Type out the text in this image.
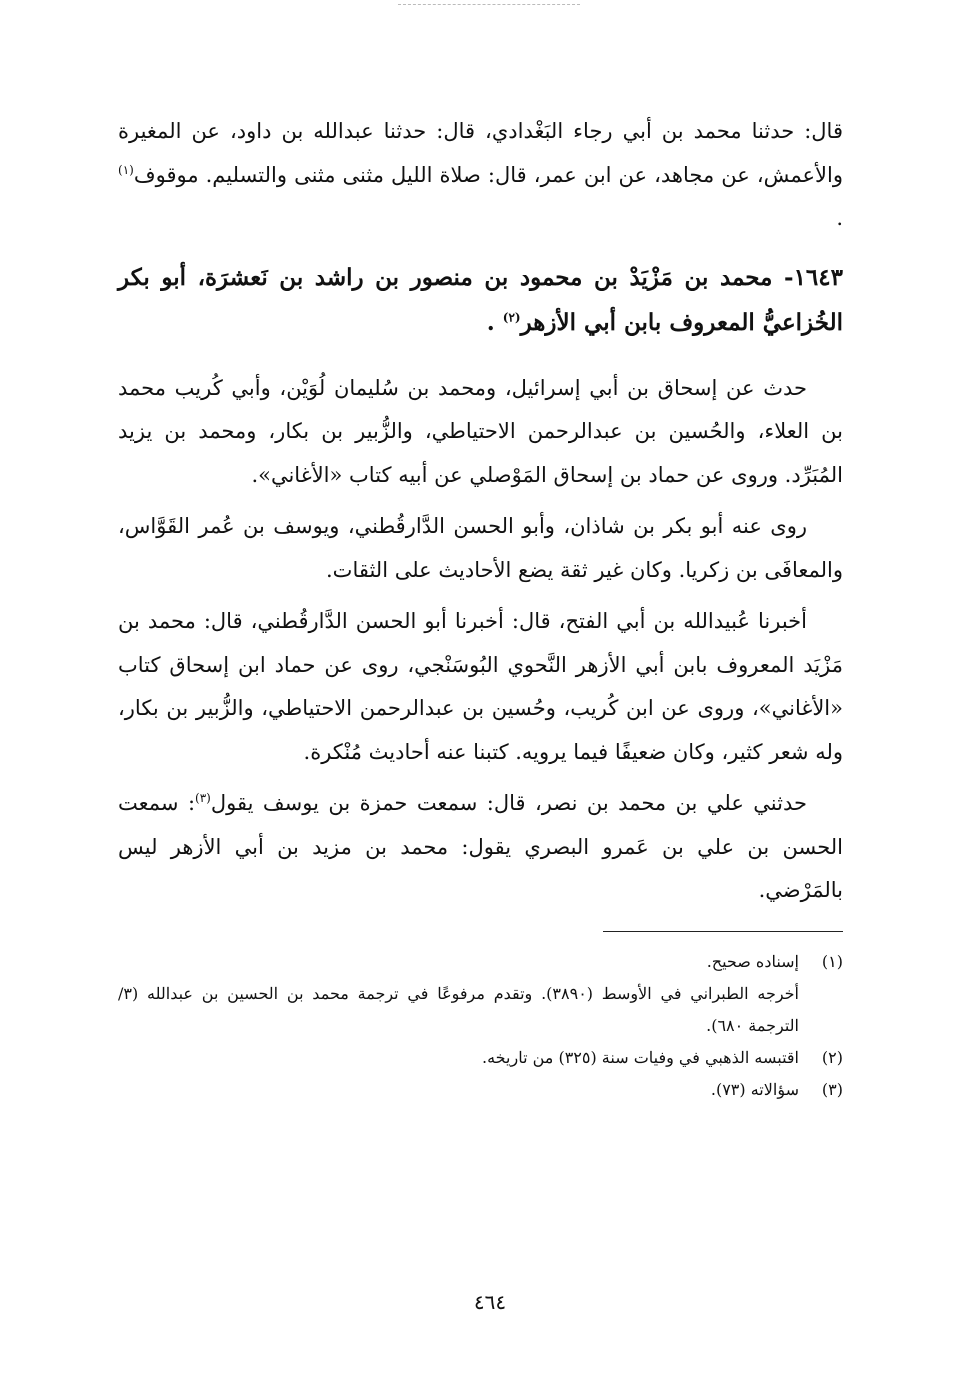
قال: حدثنا محمد بن أبي رجاء البَغْدادي، قال: حدثنا عبدالله بن داود، عن المغيرة والأعمش، عن مجاهد، عن ابن عمر، قال: صلاة الليل مثنى مثنى والتسليم. موقوف$^{(١)}$ .

١٦٤٣- محمد بن مَزْيَدْ بن محمود بن منصور بن راشد بن نَعشرَة، أبو بكر الخُزاعيُّ المعروف بابن أبي الأزهر$^{(٢)}$ .

حدث عن إسحاق بن أبي إسرائيل، ومحمد بن سُليمان لُوَيْن، وأبي كُريب محمد بن العلاء، والحُسين بن عبدالرحمن الاحتياطي، والزُّبير بن بكار، ومحمد بن يزيد المُبَرِّد. وروى عن حماد بن إسحاق المَوْصلي عن أبيه كتاب «الأغاني».

روى عنه أبو بكر بن شاذان، وأبو الحسن الدَّارقُطني، ويوسف بن عُمر القَوَّاس، والمعافَى بن زكريا. وكان غير ثقة يضع الأحاديث على الثقات.

أخبرنا عُبيدالله بن أبي الفتح، قال: أخبرنا أبو الحسن الدَّارقُطني، قال: محمد بن مَزْيَد المعروف بابن أبي الأزهر النَّحوي البُوسَنْجي، روى عن حماد ابن إسحاق كتاب «الأغاني»، وروى عن ابن كُريب، وحُسين بن عبدالرحمن الاحتياطي، والزُّبير بن بكار، وله شعر كثير، وكان ضعيفًا فيما يرويه. كتبنا عنه أحاديث مُنْكرة.

حدثني علي بن محمد بن نصر، قال: سمعت حمزة بن يوسف يقول$^{(٣)}$: سمعت الحسن بن علي بن عَمرو البصري يقول: محمد بن مزيد بن أبي الأزهر ليس بالمَرْضي.

(١)إسناده صحيح.

أخرجه الطبراني في الأوسط (٣٨٩٠). وتقدم مرفوعًا في ترجمة محمد بن الحسين بن عبدالله (٣/ الترجمة ٦٨٠).

(٢)اقتبسه الذهبي في وفيات سنة (٣٢٥) من تاريخه.

(٣)سؤالاته (٧٣).

٤٦٤
